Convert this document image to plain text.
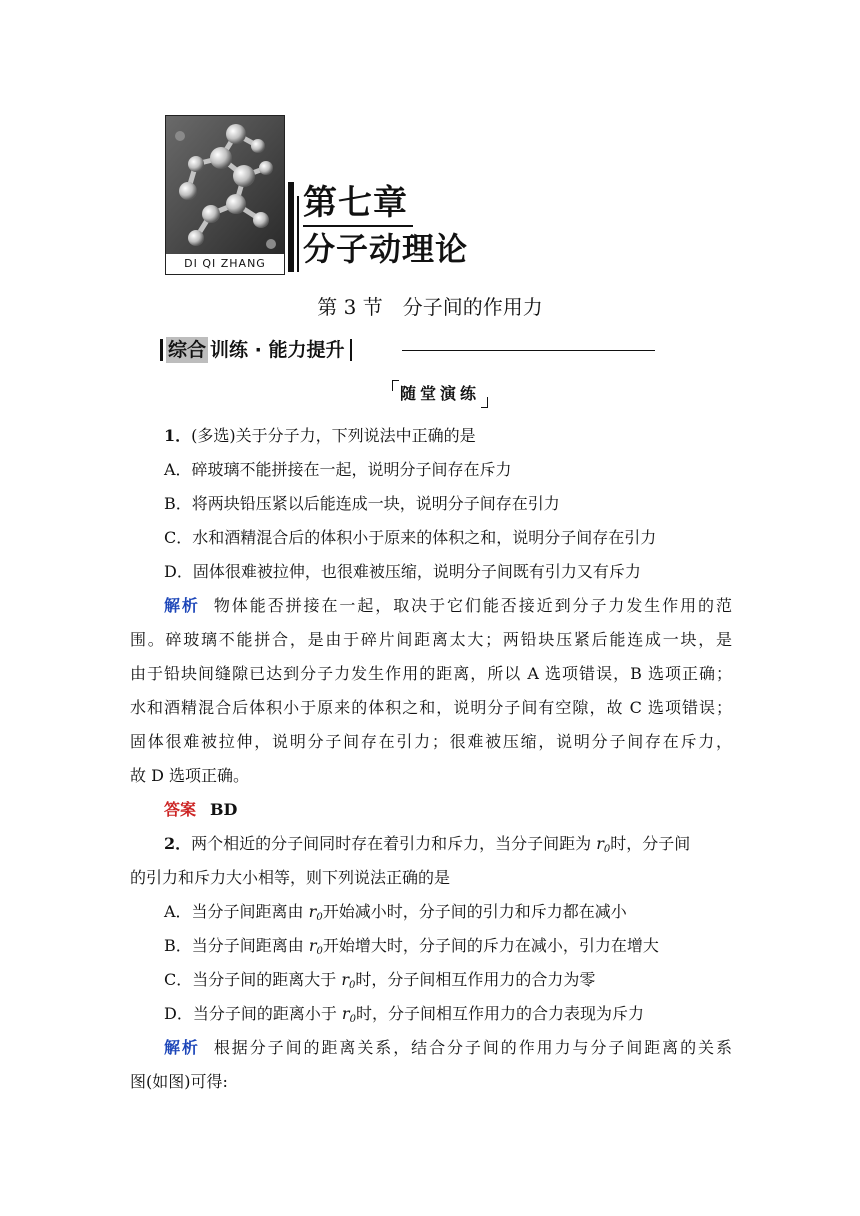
DI QI ZHANG
第七章
分子动理论
第 3 节　分子间的作用力
综合 训练 · 能力提升
随堂演练
1．(多选)关于分子力，下列说法中正确的是
A．碎玻璃不能拼接在一起，说明分子间存在斥力
B．将两块铅压紧以后能连成一块，说明分子间存在引力
C．水和酒精混合后的体积小于原来的体积之和，说明分子间存在引力
D．固体很难被拉伸，也很难被压缩，说明分子间既有引力又有斥力
解析 物体能否拼接在一起，取决于它们能否接近到分子力发生作用的范
围。碎玻璃不能拼合，是由于碎片间距离太大；两铅块压紧后能连成一块，是
由于铅块间缝隙已达到分子力发生作用的距离，所以 A 选项错误，B 选项正确；
水和酒精混合后体积小于原来的体积之和，说明分子间有空隙，故 C 选项错误；
固体很难被拉伸，说明分子间存在引力；很难被压缩，说明分子间存在斥力，
故 D 选项正确。
答案 BD
2．两个相近的分子间同时存在着引力和斥力，当分子间距为 $r_0$时，分子间
的引力和斥力大小相等，则下列说法正确的是
A．当分子间距离由 $r_0$开始减小时，分子间的引力和斥力都在减小
B．当分子间距离由 $r_0$开始增大时，分子间的斥力在减小，引力在增大
C．当分子间的距离大于 $r_0$时，分子间相互作用力的合力为零
D．当分子间的距离小于 $r_0$时，分子间相互作用力的合力表现为斥力
解析 根据分子间的距离关系，结合分子间的作用力与分子间距离的关系
图(如图)可得:
